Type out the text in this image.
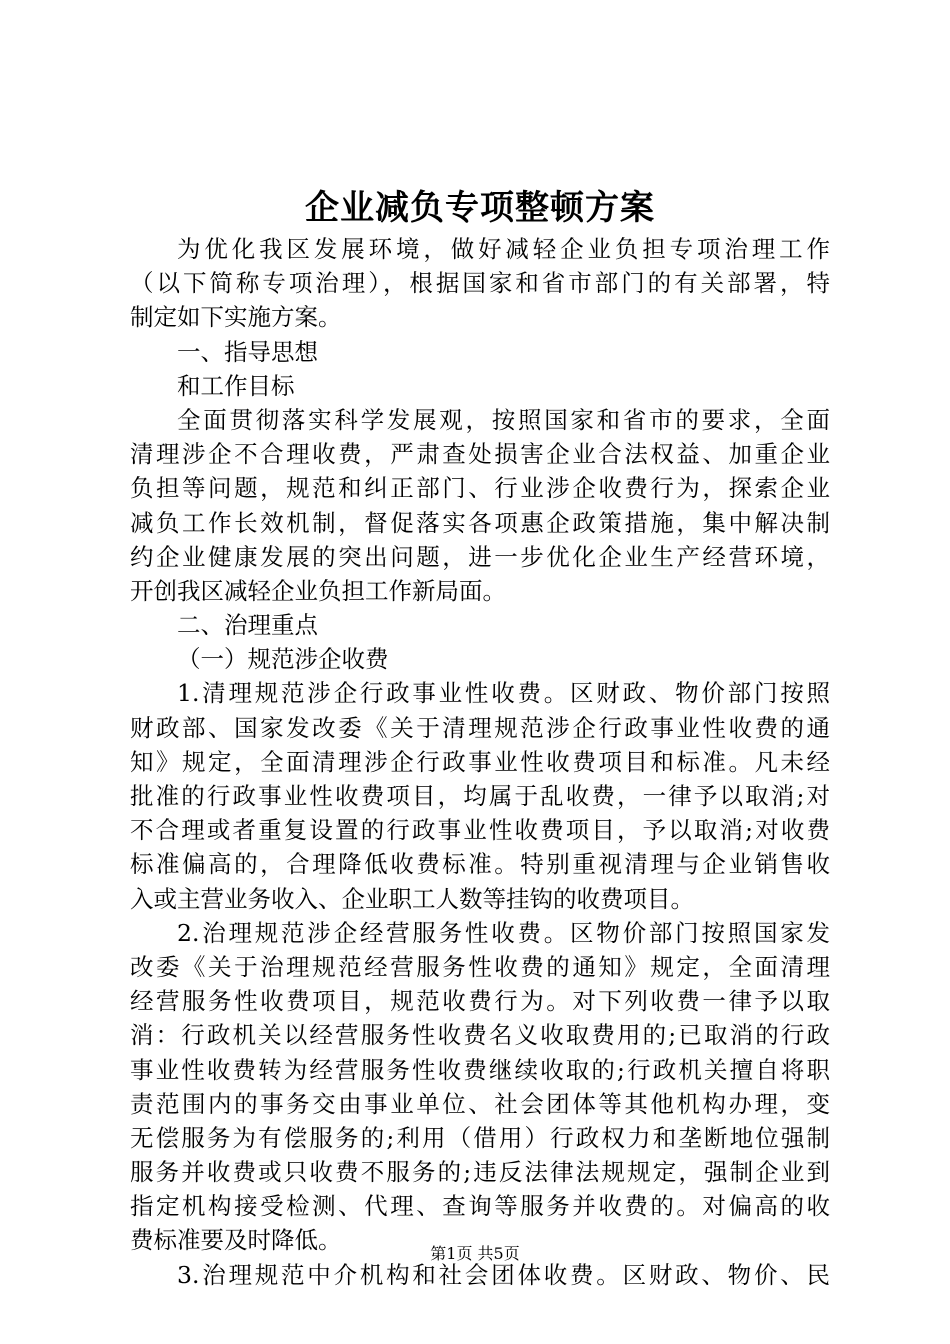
企业减负专项整顿方案
为优化我区发展环境，做好减轻企业负担专项治理工作
（以下简称专项治理），根据国家和省市部门的有关部署，特
制定如下实施方案。
一、指导思想
和工作目标
全面贯彻落实科学发展观，按照国家和省市的要求，全面
清理涉企不合理收费，严肃查处损害企业合法权益、加重企业
负担等问题，规范和纠正部门、行业涉企收费行为，探索企业
减负工作长效机制，督促落实各项惠企政策措施，集中解决制
约企业健康发展的突出问题，进一步优化企业生产经营环境，
开创我区减轻企业负担工作新局面。
二、治理重点
（一）规范涉企收费
1.清理规范涉企行政事业性收费。区财政、物价部门按照
财政部、国家发改委《关于清理规范涉企行政事业性收费的通
知》规定，全面清理涉企行政事业性收费项目和标准。凡未经
批准的行政事业性收费项目，均属于乱收费，一律予以取消;对
不合理或者重复设置的行政事业性收费项目，予以取消;对收费
标准偏高的，合理降低收费标准。特别重视清理与企业销售收
入或主营业务收入、企业职工人数等挂钩的收费项目。
2.治理规范涉企经营服务性收费。区物价部门按照国家发
改委《关于治理规范经营服务性收费的通知》规定，全面清理
经营服务性收费项目，规范收费行为。对下列收费一律予以取
消：行政机关以经营服务性收费名义收取费用的;已取消的行政
事业性收费转为经营服务性收费继续收取的;行政机关擅自将职
责范围内的事务交由事业单位、社会团体等其他机构办理，变
无偿服务为有偿服务的;利用（借用）行政权力和垄断地位强制
服务并收费或只收费不服务的;违反法律法规规定，强制企业到
指定机构接受检测、代理、查询等服务并收费的。对偏高的收
费标准要及时降低。
3.治理规范中介机构和社会团体收费。区财政、物价、民
第1页 共5页
